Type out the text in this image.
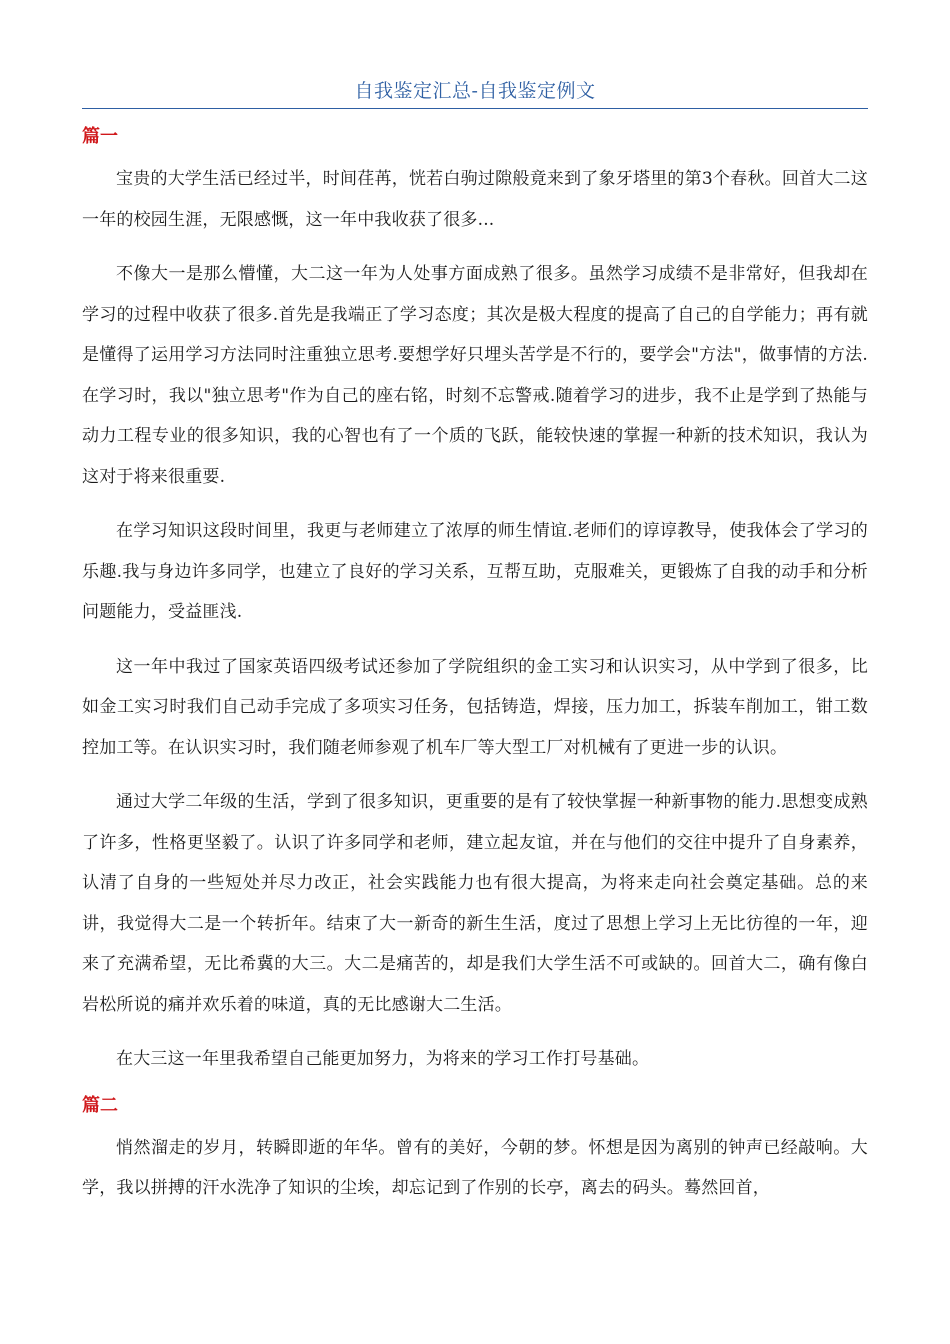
自我鉴定汇总-自我鉴定例文
篇一

宝贵的大学生活已经过半，时间荏苒，恍若白驹过隙般竟来到了象牙塔里的第3个春秋。回首大二这一年的校园生涯，无限感慨，这一年中我收获了很多...

不像大一是那么懵懂，大二这一年为人处事方面成熟了很多。虽然学习成绩不是非常好，但我却在学习的过程中收获了很多.首先是我端正了学习态度；其次是极大程度的提高了自己的自学能力；再有就是懂得了运用学习方法同时注重独立思考.要想学好只埋头苦学是不行的，要学会"方法"，做事情的方法.在学习时，我以"独立思考"作为自己的座右铭，时刻不忘警戒.随着学习的进步，我不止是学到了热能与动力工程专业的很多知识，我的心智也有了一个质的飞跃，能较快速的掌握一种新的技术知识，我认为这对于将来很重要.

在学习知识这段时间里，我更与老师建立了浓厚的师生情谊.老师们的谆谆教导，使我体会了学习的乐趣.我与身边许多同学，也建立了良好的学习关系，互帮互助，克服难关，更锻炼了自我的动手和分析问题能力，受益匪浅.

这一年中我过了国家英语四级考试还参加了学院组织的金工实习和认识实习，从中学到了很多，比如金工实习时我们自己动手完成了多项实习任务，包括铸造，焊接，压力加工，拆装车削加工，钳工数控加工等。在认识实习时，我们随老师参观了机车厂等大型工厂对机械有了更进一步的认识。

通过大学二年级的生活，学到了很多知识，更重要的是有了较快掌握一种新事物的能力.思想变成熟了许多，性格更坚毅了。认识了许多同学和老师，建立起友谊，并在与他们的交往中提升了自身素养，认清了自身的一些短处并尽力改正，社会实践能力也有很大提高，为将来走向社会奠定基础。总的来讲，我觉得大二是一个转折年。结束了大一新奇的新生生活，度过了思想上学习上无比彷徨的一年，迎来了充满希望，无比希冀的大三。大二是痛苦的，却是我们大学生活不可或缺的。回首大二，确有像白岩松所说的痛并欢乐着的味道，真的无比感谢大二生活。

在大三这一年里我希望自己能更加努力，为将来的学习工作打号基础。

篇二

悄然溜走的岁月，转瞬即逝的年华。曾有的美好，今朝的梦。怀想是因为离别的钟声已经敲响。大学，我以拼搏的汗水洗净了知识的尘埃，却忘记到了作别的长亭，离去的码头。蓦然回首，
